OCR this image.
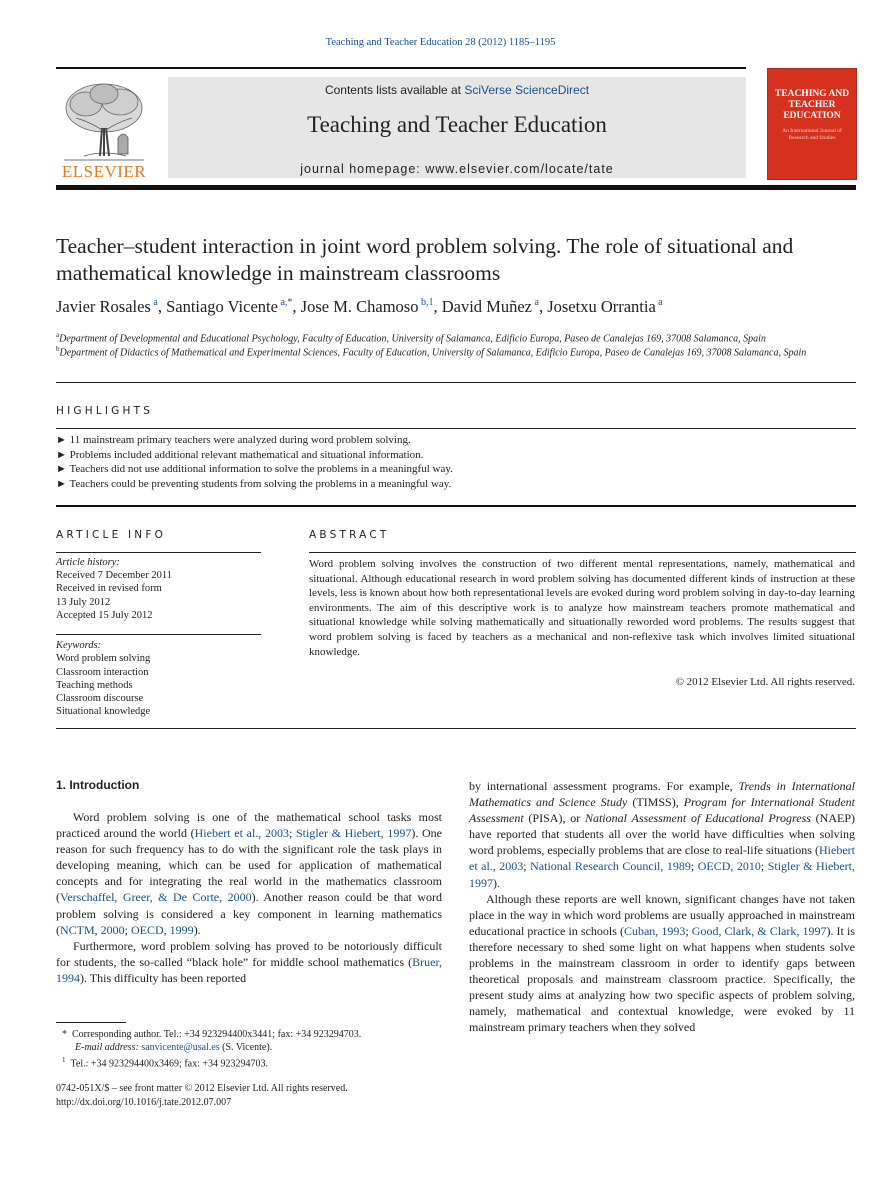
Teaching and Teacher Education 28 (2012) 1185–1195
ELSEVIER
Contents lists available at SciVerse ScienceDirect
Teaching and Teacher Education
journal homepage: www.elsevier.com/locate/tate
TEACHING AND TEACHER EDUCATION
An International Journal of Research and Studies
Teacher–student interaction in joint word problem solving. The role of situational and mathematical knowledge in mainstream classrooms
Javier Rosales $^a$, Santiago Vicente $^{a,*}$, Jose M. Chamoso $^{b,1}$, David Muñez $^a$, Josetxu Orrantia $^a$
$^a$Department of Developmental and Educational Psychology, Faculty of Education, University of Salamanca, Edificio Europa, Paseo de Canalejas 169, 37008 Salamanca, Spain
$^b$Department of Didactics of Mathematical and Experimental Sciences, Faculty of Education, University of Salamanca, Edificio Europa, Paseo de Canalejas 169, 37008 Salamanca, Spain
HIGHLIGHTS
► 11 mainstream primary teachers were analyzed during word problem solving.
► Problems included additional relevant mathematical and situational information.
► Teachers did not use additional information to solve the problems in a meaningful way.
► Teachers could be preventing students from solving the problems in a meaningful way.
ARTICLE INFO
Article history:
Received 7 December 2011
Received in revised form
13 July 2012
Accepted 15 July 2012
Keywords:
Word problem solving
Classroom interaction
Teaching methods
Classroom discourse
Situational knowledge
ABSTRACT
Word problem solving involves the construction of two different mental representations, namely, mathematical and situational. Although educational research in word problem solving has documented different kinds of instruction at these levels, less is known about how both representational levels are evoked during word problem solving in day-to-day learning environments. The aim of this descriptive work is to analyze how mainstream teachers promote mathematical and situational knowledge while solving mathematically and situationally reworded word problems. The results suggest that word problem solving is faced by teachers as a mechanical and non-reflexive task which involves limited situational knowledge.
© 2012 Elsevier Ltd. All rights reserved.
1. Introduction

Word problem solving is one of the mathematical school tasks most practiced around the world (Hiebert et al., 2003; Stigler & Hiebert, 1997). One reason for such frequency has to do with the significant role the task plays in developing meaning, which can be used for application of mathematical concepts and for integrating the real world in the mathematics classroom (Verschaffel, Greer, & De Corte, 2000). Another reason could be that word problem solving is considered a key component in learning mathematics (NCTM, 2000; OECD, 1999).

Furthermore, word problem solving has proved to be notoriously difficult for students, the so-called “black hole” for middle school mathematics (Bruer, 1994). This difficulty has been reported

by international assessment programs. For example, Trends in International Mathematics and Science Study (TIMSS), Program for International Student Assessment (PISA), or National Assessment of Educational Progress (NAEP) have reported that students all over the world have difficulties when solving word problems, especially problems that are close to real-life situations (Hiebert et al., 2003; National Research Council, 1989; OECD, 2010; Stigler & Hiebert, 1997).

Although these reports are well known, significant changes have not taken place in the way in which word problems are usually approached in mainstream educational practice in schools (Cuban, 1993; Good, Clark, & Clark, 1997). It is therefore necessary to shed some light on what happens when students solve problems in the mainstream classroom in order to identify gaps between theoretical proposals and mainstream classroom practice. Specifically, the present study aims at analyzing how two specific aspects of problem solving, namely, mathematical and contextual knowledge, were evoked by 11 mainstream primary teachers when they solved

* Corresponding author. Tel.: +34 923294400x3441; fax: +34 923294703.
E-mail address: sanvicente@usal.es (S. Vicente).
$^1$ Tel.: +34 923294400x3469; fax: +34 923294703.
0742-051X/$ – see front matter © 2012 Elsevier Ltd. All rights reserved.
http://dx.doi.org/10.1016/j.tate.2012.07.007
